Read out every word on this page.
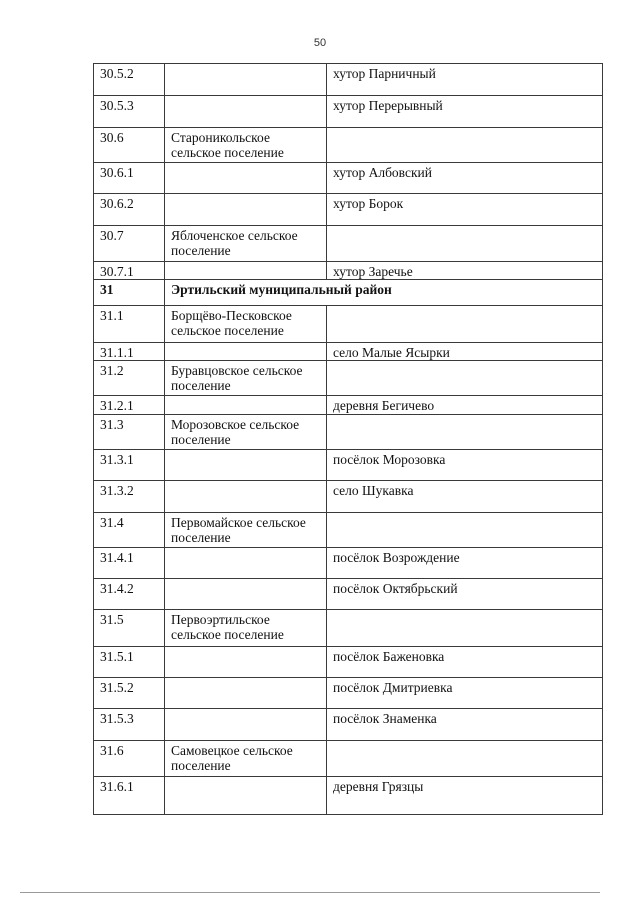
50
30.5.2		хутор Парничный
30.5.3		хутор Перерывный
30.6	Староникольское сельское поселение	
30.6.1		хутор Албовский
30.6.2		хутор Борок
30.7	Яблоченское сельское поселение	
30.7.1		хутор Заречье
31	Эртильский муниципальный район	
31.1	Борщёво-Песковское сельское поселение	
31.1.1		село Малые Ясырки
31.2	Буравцовское сельское поселение	
31.2.1		деревня Бегичево
31.3	Морозовское сельское поселение	
31.3.1		посёлок Морозовка
31.3.2		село Шукавка
31.4	Первомайское сельское поселение	
31.4.1		посёлок Возрождение
31.4.2		посёлок Октябрьский
31.5	Первоэртильское сельское поселение	
31.5.1		посёлок Баженовка
31.5.2		посёлок Дмитриевка
31.5.3		посёлок Знаменка
31.6	Самовецкое сельское поселение	
31.6.1		деревня Грязцы
